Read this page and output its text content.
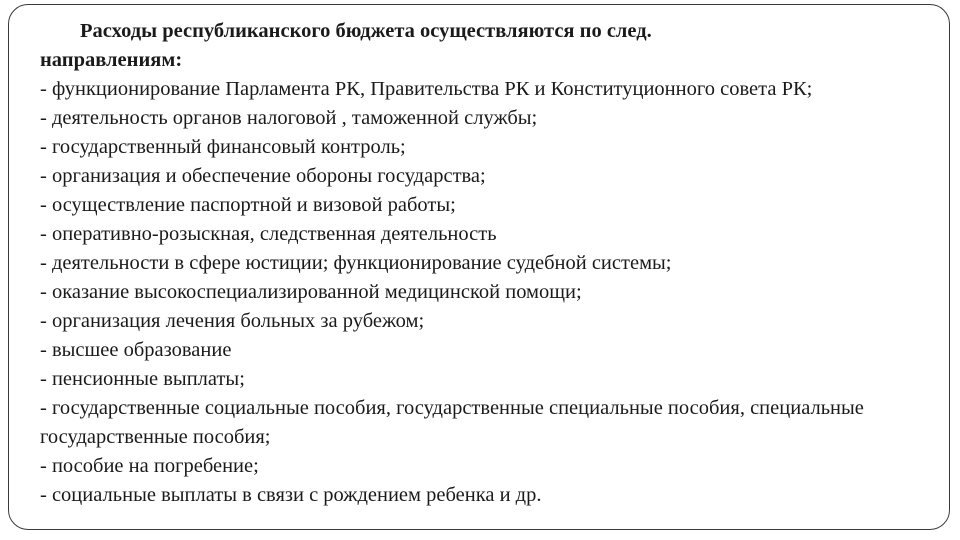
Расходы республиканского бюджета осуществляются по след.
направлениям:

- функционирование Парламента РК, Правительства РК и Конституционного совета РК;
- деятельность органов налоговой , таможенной службы;
- государственный финансовый контроль;
- организация и обеспечение обороны государства;
- осуществление паспортной и визовой работы;
- оперативно-розыскная, следственная деятельность
- деятельности в сфере юстиции; функционирование судебной системы;
- оказание высокоспециализированной медицинской помощи;
- организация лечения больных за рубежом;
- высшее образование
- пенсионные выплаты;
- государственные социальные пособия, государственные специальные пособия, специальные государственные пособия;
- пособие на погребение;
- социальные выплаты в связи с рождением ребенка и др.
